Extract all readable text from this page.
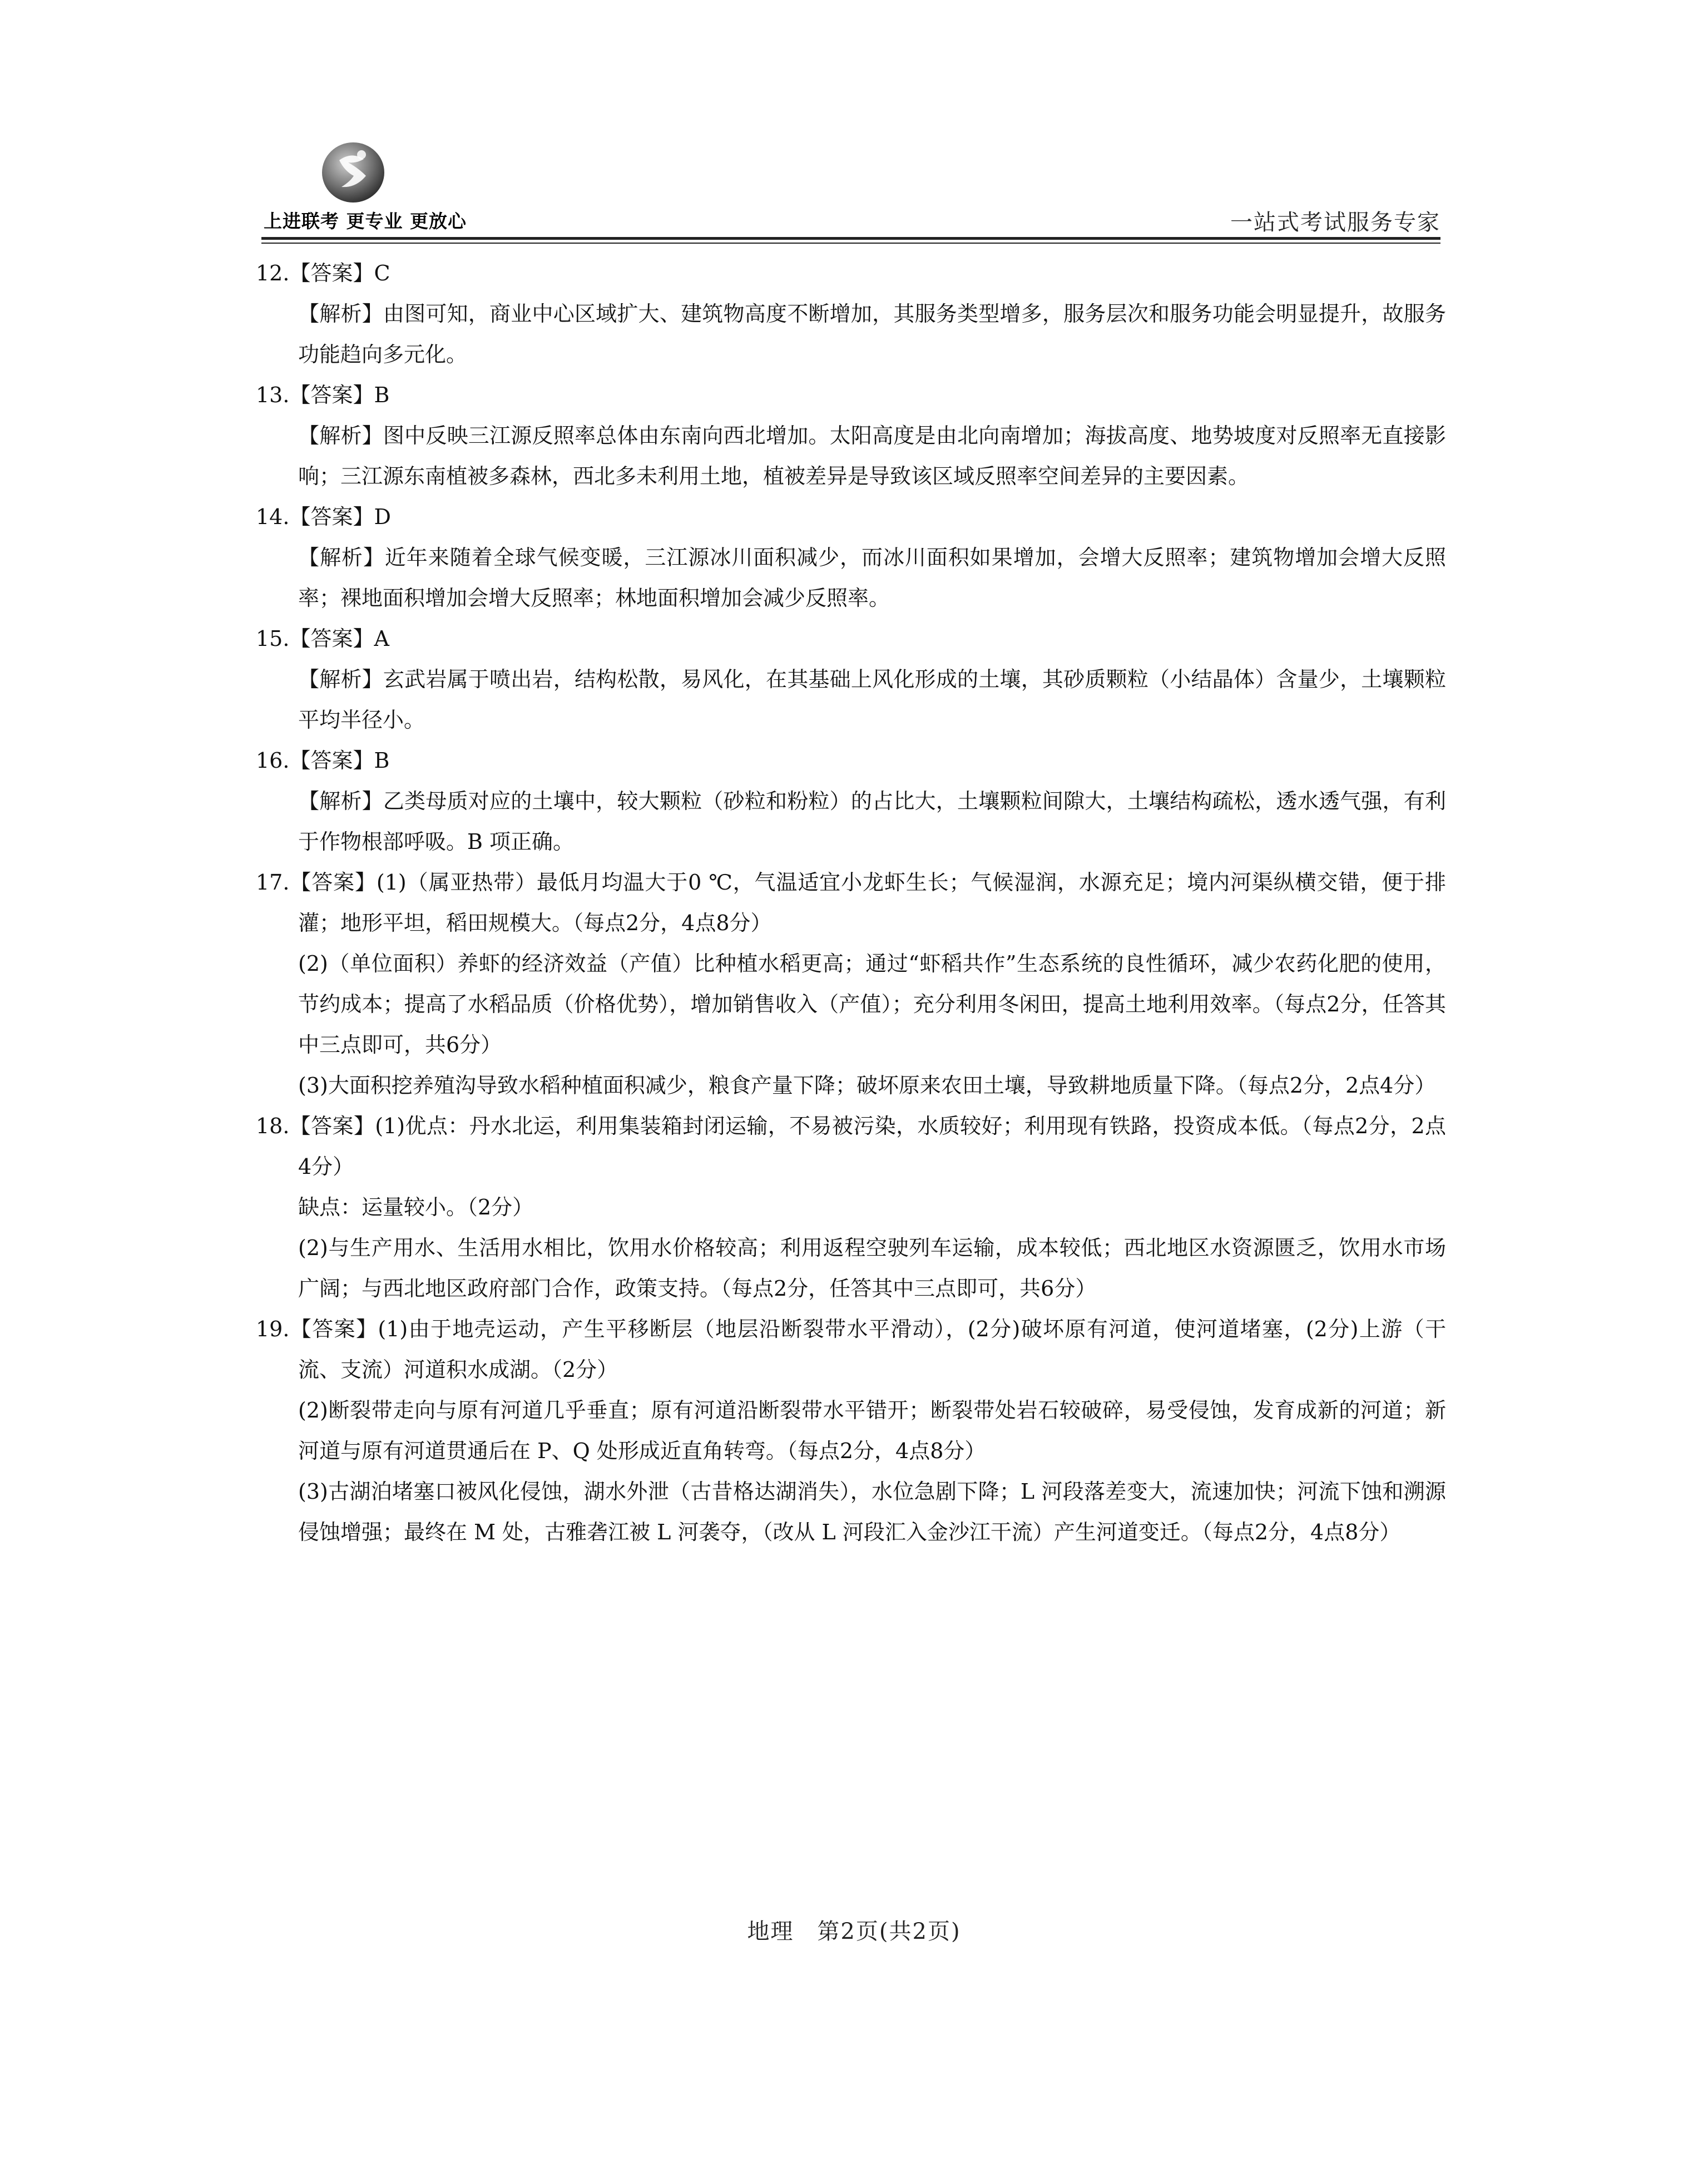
上进联考 更专业 更放心	一站式考试服务专家
12.【答案】C
【解析】由图可知，商业中心区域扩大、建筑物高度不断增加，其服务类型增多，服务层次和服务功能会明显提升，故服务功能趋向多元化。
13.【答案】B
【解析】图中反映三江源反照率总体由东南向西北增加。太阳高度是由北向南增加；海拔高度、地势坡度对反照率无直接影响；三江源东南植被多森林，西北多未利用土地，植被差异是导致该区域反照率空间差异的主要因素。
14.【答案】D
【解析】近年来随着全球气候变暖，三江源冰川面积减少，而冰川面积如果增加，会增大反照率；建筑物增加会增大反照率；裸地面积增加会增大反照率；林地面积增加会减少反照率。
15.【答案】A
【解析】玄武岩属于喷出岩，结构松散，易风化，在其基础上风化形成的土壤，其砂质颗粒（小结晶体）含量少，土壤颗粒平均半径小。
16.【答案】B
【解析】乙类母质对应的土壤中，较大颗粒（砂粒和粉粒）的占比大，土壤颗粒间隙大，土壤结构疏松，透水透气强，有利于作物根部呼吸。B 项正确。
17.【答案】(1)（属亚热带）最低月均温大于0 ℃，气温适宜小龙虾生长；气候湿润，水源充足；境内河渠纵横交错，便于排灌；地形平坦，稻田规模大。（每点2分，4点8分）
(2)（单位面积）养虾的经济效益（产值）比种植水稻更高；通过“虾稻共作”生态系统的良性循环，减少农药化肥的使用，节约成本；提高了水稻品质（价格优势），增加销售收入（产值）；充分利用冬闲田，提高土地利用效率。（每点2分，任答其中三点即可，共6分）
(3)大面积挖养殖沟导致水稻种植面积减少，粮食产量下降；破坏原来农田土壤，导致耕地质量下降。（每点2分，2点4分）
18.【答案】(1)优点：丹水北运，利用集装箱封闭运输，不易被污染，水质较好；利用现有铁路，投资成本低。（每点2分，2点4分）
缺点：运量较小。（2分）
(2)与生产用水、生活用水相比，饮用水价格较高；利用返程空驶列车运输，成本较低；西北地区水资源匮乏，饮用水市场广阔；与西北地区政府部门合作，政策支持。（每点2分，任答其中三点即可，共6分）
19.【答案】(1)由于地壳运动，产生平移断层（地层沿断裂带水平滑动），(2分)破坏原有河道，使河道堵塞，(2分)上游（干流、支流）河道积水成湖。（2分）
(2)断裂带走向与原有河道几乎垂直；原有河道沿断裂带水平错开；断裂带处岩石较破碎，易受侵蚀，发育成新的河道；新河道与原有河道贯通后在 P、Q 处形成近直角转弯。（每点2分，4点8分）
(3)古湖泊堵塞口被风化侵蚀，湖水外泄（古昔格达湖消失），水位急剧下降；L 河段落差变大，流速加快；河流下蚀和溯源侵蚀增强；最终在 M 处，古雅砻江被 L 河袭夺，（改从 L 河段汇入金沙江干流）产生河道变迁。（每点2分，4点8分）
地理　第2页(共2页)
